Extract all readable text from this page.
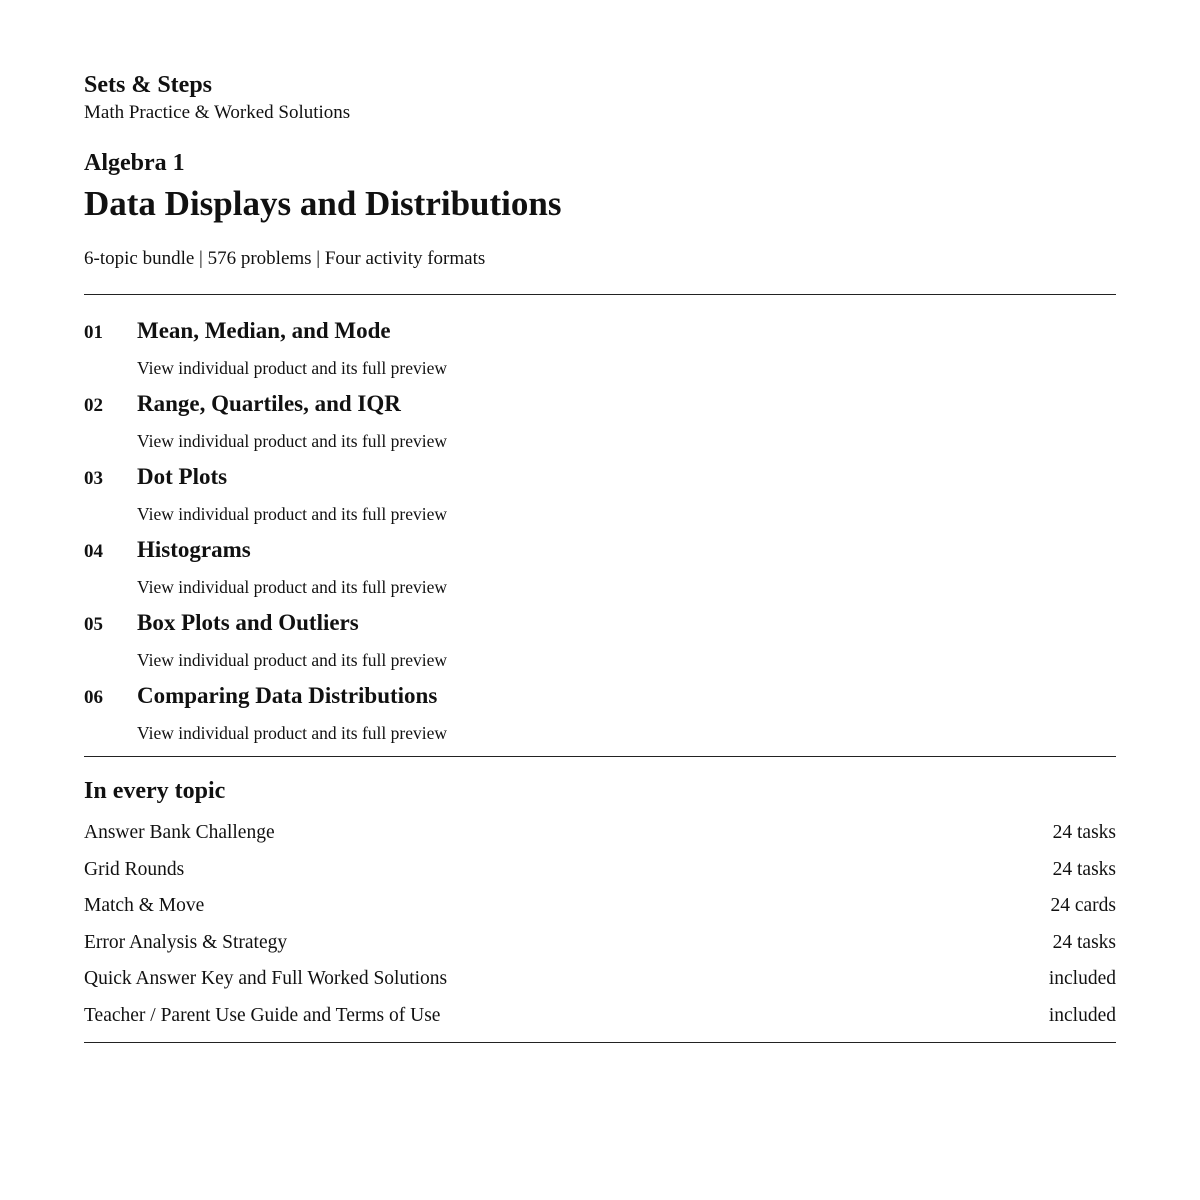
Sets & Steps

Math Practice & Worked Solutions

Algebra 1
Data Displays and Distributions
6-topic bundle | 576 problems | Four activity formats
01 Mean, Median, and Mode
View individual product and its full preview
02 Range, Quartiles, and IQR
View individual product and its full preview
03 Dot Plots
View individual product and its full preview
04 Histograms
View individual product and its full preview
05 Box Plots and Outliers
View individual product and its full preview
06 Comparing Data Distributions
View individual product and its full preview
In every topic
Answer Bank Challenge	24 tasks
Grid Rounds	24 tasks
Match & Move	24 cards
Error Analysis & Strategy	24 tasks
Quick Answer Key and Full Worked Solutions	included
Teacher / Parent Use Guide and Terms of Use	included
